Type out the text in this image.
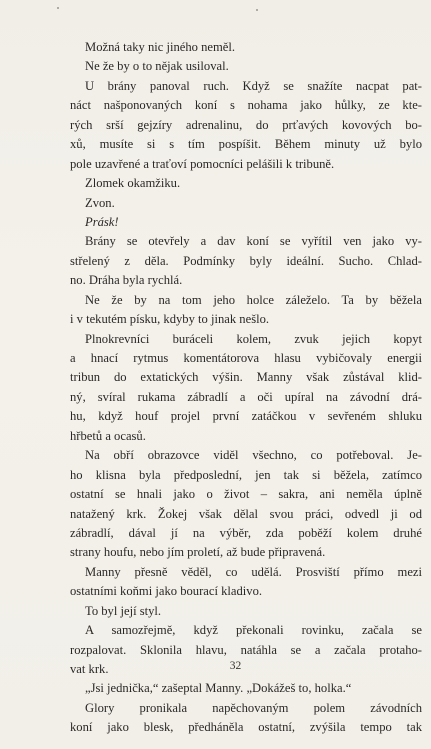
Možná taky nic jiného neměl.
Ne že by o to nějak usiloval.
U brány panoval ruch. Když se snažíte nacpat pat-
náct našponovaných koní s nohama jako hůlky, ze kte-
rých srší gejzíry adrenalinu, do prťavých kovových bo-
xů, musíte si s tím pospíšit. Během minuty už bylo
pole uzavřené a traťoví pomocníci pelášili k tribuně.
Zlomek okamžiku.
Zvon.
Prásk!
Brány se otevřely a dav koní se vyřítil ven jako vy-
střelený z děla. Podmínky byly ideální. Sucho. Chlad-
no. Dráha byla rychlá.
Ne že by na tom jeho holce záleželo. Ta by běžela
i v tekutém písku, kdyby to jinak nešlo.
Plnokrevníci buráceli kolem, zvuk jejich kopyt
a hnací rytmus komentátorova hlasu vybičovaly energii
tribun do extatických výšin. Manny však zůstával klid-
ný, svíral rukama zábradlí a oči upíral na závodní drá-
hu, když houf projel první zatáčkou v sevřeném shluku
hřbetů a ocasů.
Na obří obrazovce viděl všechno, co potřeboval. Je-
ho klisna byla předposlední, jen tak si běžela, zatímco
ostatní se hnali jako o život – sakra, ani neměla úplně
natažený krk. Žokej však dělal svou práci, odvedl ji od
zábradlí, dával jí na výběr, zda poběží kolem druhé
strany houfu, nebo jím proletí, až bude připravená.
Manny přesně věděl, co udělá. Prosviští přímo mezi
ostatními koňmi jako bourací kladivo.
To byl její styl.
A samozřejmě, když překonali rovinku, začala se
rozpalovat. Sklonila hlavu, natáhla se a začala protaho-
vat krk.
„Jsi jednička,“ zašeptal Manny. „Dokážeš to, holka.“
Glory pronikala napěchovaným polem závodních
koní jako blesk, předháněla ostatní, zvýšila tempo tak
32
